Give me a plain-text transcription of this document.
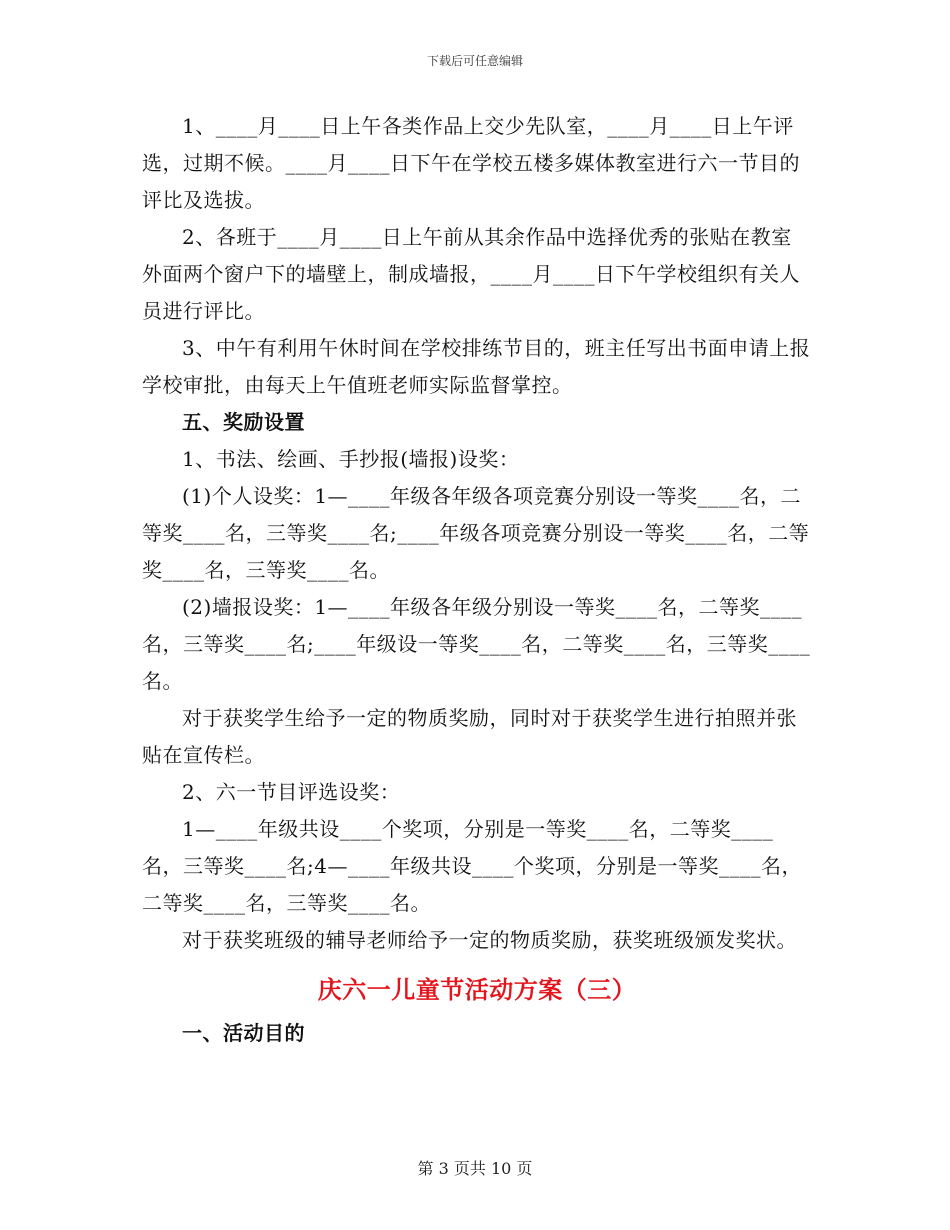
下载后可任意编辑

1、____月____日上午各类作品上交少先队室，____月____日上午评选，过期不候。____月____日下午在学校五楼多媒体教室进行六一节目的评比及选拔。

2、各班于____月____日上午前从其余作品中选择优秀的张贴在教室外面两个窗户下的墙壁上，制成墙报，____月____日下午学校组织有关人员进行评比。

3、中午有利用午休时间在学校排练节目的，班主任写出书面申请上报学校审批，由每天上午值班老师实际监督掌控。

五、奖励设置

1、书法、绘画、手抄报(墙报)设奖：

(1)个人设奖：1—____年级各年级各项竞赛分别设一等奖____名，二等奖____名，三等奖____名;____年级各项竞赛分别设一等奖____名，二等奖____名，三等奖____名。

(2)墙报设奖：1—____年级各年级分别设一等奖____名，二等奖____名，三等奖____名;____年级设一等奖____名，二等奖____名，三等奖____名。

对于获奖学生给予一定的物质奖励，同时对于获奖学生进行拍照并张贴在宣传栏。

2、六一节目评选设奖：

1—____年级共设____个奖项，分别是一等奖____名，二等奖____名，三等奖____名;4—____年级共设____个奖项，分别是一等奖____名，二等奖____名，三等奖____名。

对于获奖班级的辅导老师给予一定的物质奖励，获奖班级颁发奖状。

庆六一儿童节活动方案（三）

一、活动目的

第 3 页共 10 页
